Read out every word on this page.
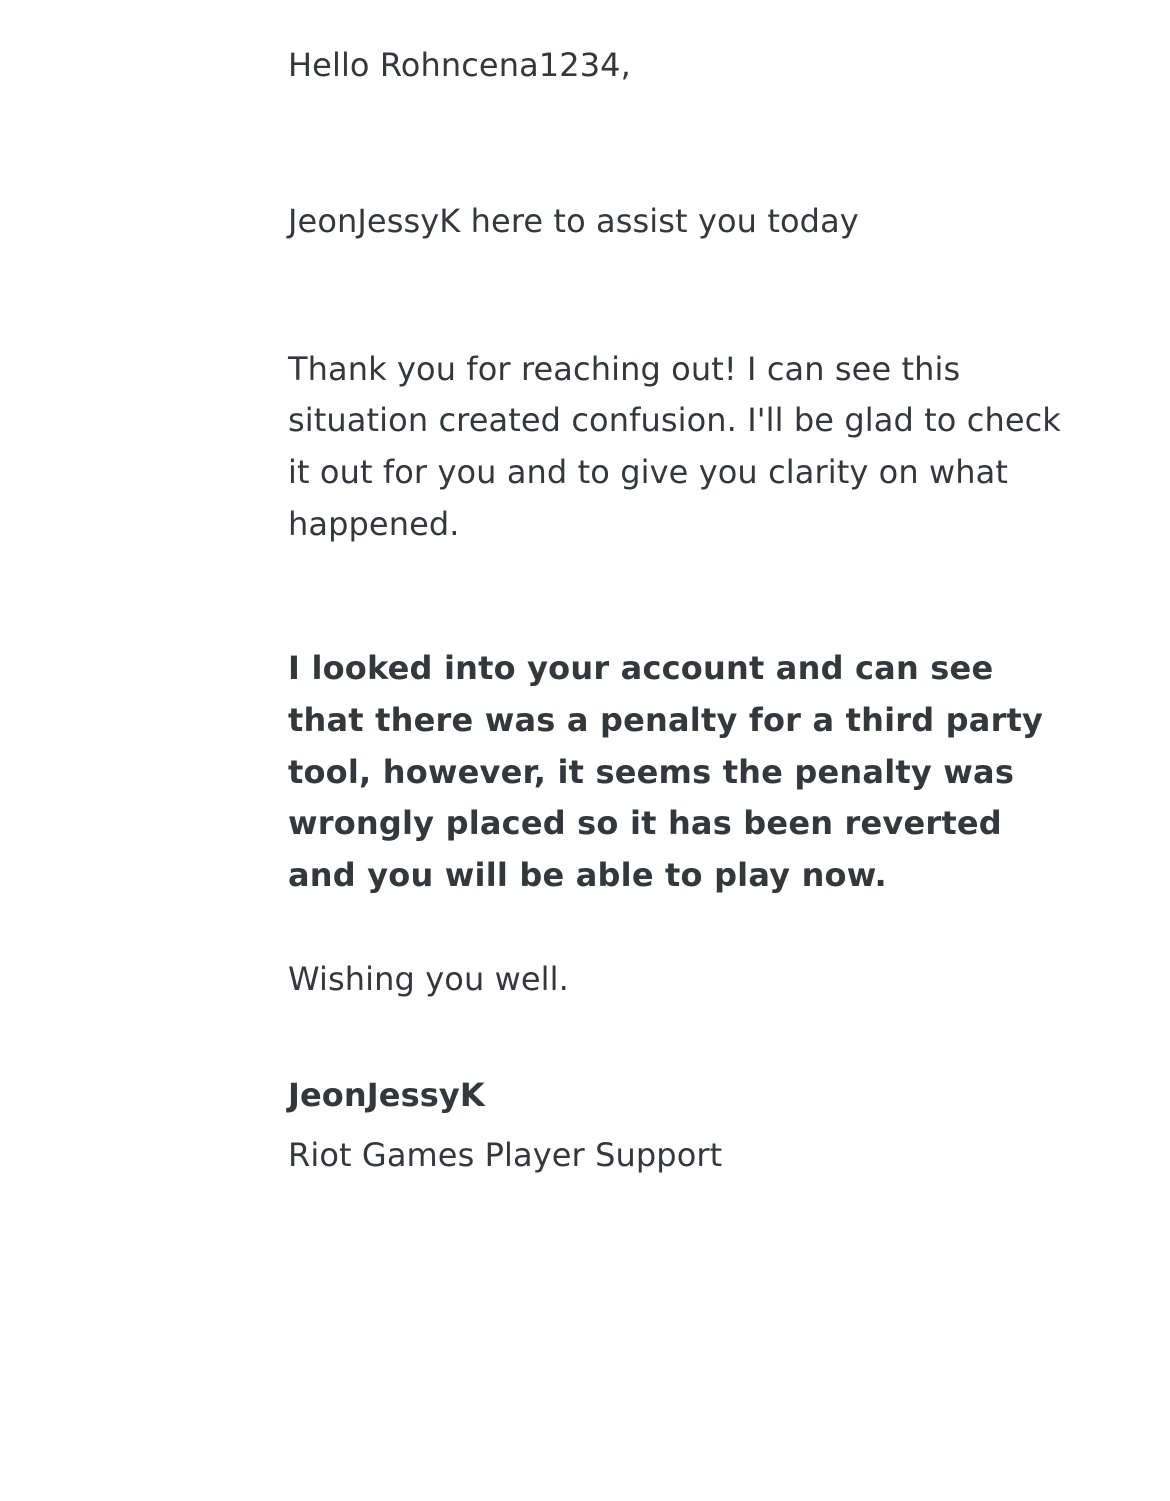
Hello Rohncena1234,

JeonJessyK here to assist you today

Thank you for reaching out! I can see this situation created confusion. I'll be glad to check it out for you and to give you clarity on what happened.

I looked into your account and can see that there was a penalty for a third party tool, however, it seems the penalty was wrongly placed so it has been reverted and you will be able to play now.

Wishing you well.

JeonJessyK

Riot Games Player Support
